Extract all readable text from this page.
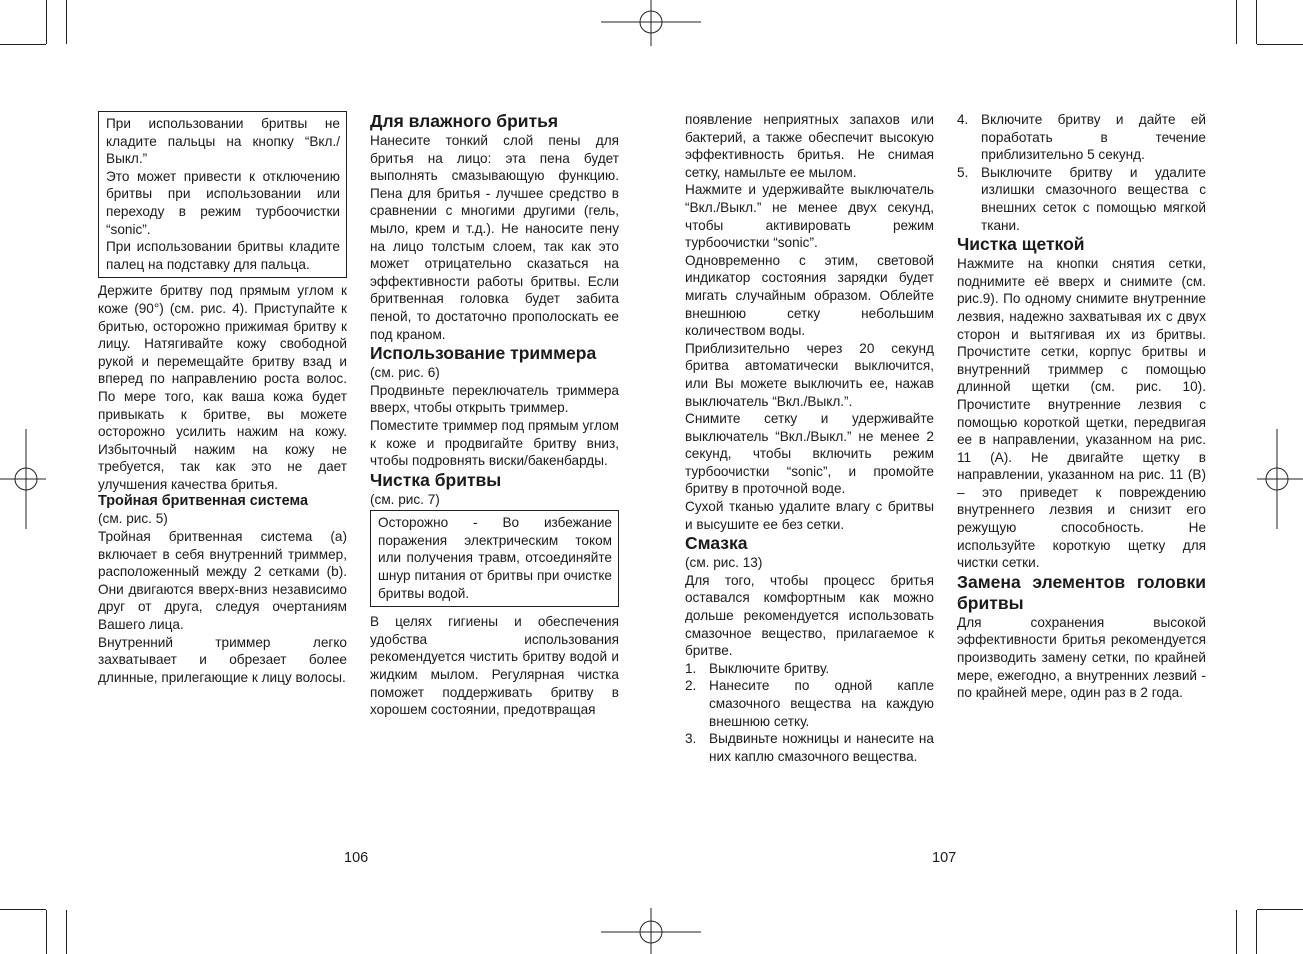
При использовании бритвы не кладите пальцы на кнопку “Вкл./Выкл.”

Это может привести к отключению бритвы при использовании или переходу в режим турбоочистки “sonic”.

При использовании бритвы кладите палец на подставку для пальца.

Держите бритву под прямым углом к коже (90°) (см. рис. 4). Приступайте к бритью, осторожно прижимая бритву к лицу. Натягивайте кожу свободной рукой и перемещайте бритву взад и вперед по направлению роста волос. По мере того, как ваша кожа будет привыкать к бритве, вы можете осторожно усилить нажим на кожу. Избыточный нажим на кожу не требуется, так как это не дает улучшения качества бритья.

Тройная бритвенная система

(см. рис. 5)

Тройная бритвенная система (a) включает в себя внутренний триммер, расположенный между 2 сетками (b). Они двигаются вверх-вниз независимо друг от друга, следуя очертаниям Вашего лица.

Внутренний триммер легко захватывает и обрезает более длинные, прилегающие к лицу волосы.

Для влажного бритья

Нанесите тонкий слой пены для бритья на лицо: эта пена будет выполнять смазывающую функцию. Пена для бритья - лучшее средство в сравнении с многими другими (гель, мыло, крем и т.д.). Не наносите пену на лицо толстым слоем, так как это может отрицательно сказаться на эффективности работы бритвы. Если бритвенная головка будет забита пеной, то достаточно прополоскать ее под краном.

Использование триммера

(см. рис. 6)

Продвиньте переключатель триммера вверх, чтобы открыть триммер.

Поместите триммер под прямым углом к коже и продвигайте бритву вниз, чтобы подровнять виски/бакенбарды.

Чистка бритвы

(см. рис. 7)

Осторожно - Во избежание поражения электрическим током или получения травм, отсоединяйте шнур питания от бритвы при очистке бритвы водой.

В целях гигиены и обеспечения удобства использования рекомендуется чистить бритву водой и жидким мылом. Регулярная чистка поможет поддерживать бритву в хорошем состоянии, предотвращая

появление неприятных запахов или бактерий, а также обеспечит высокую эффективность бритья. Не снимая сетку, намыльте ее мылом.

Нажмите и удерживайте выключатель “Вкл./Выкл.” не менее двух секунд, чтобы активировать режим турбоочистки “sonic”.

Одновременно с этим, световой индикатор состояния зарядки будет мигать случайным образом. Облейте внешнюю сетку небольшим количеством воды.

Приблизительно через 20 секунд бритва автоматически выключится, или Вы можете выключить ее, нажав выключатель “Вкл./Выкл.”.

Снимите сетку и удерживайте выключатель “Вкл./Выкл.” не менее 2 секунд, чтобы включить режим турбоочистки “sonic”, и промойте бритву в проточной воде.

Сухой тканью удалите влагу с бритвы и высушите ее без сетки.

Смазка

(см. рис. 13)

Для того, чтобы процесс бритья оставался комфортным как можно дольше рекомендуется использовать смазочное вещество, прилагаемое к бритве.

1. Выключите бритву.
2. Нанесите по одной капле смазочного вещества на каждую внешнюю сетку.
3. Выдвиньте ножницы и нанесите на них каплю смазочного вещества.
4. Включите бритву и дайте ей поработать в течение приблизительно 5 секунд.
5. Выключите бритву и удалите излишки смазочного вещества с внешних сеток с помощью мягкой ткани.
Чистка щеткой

Нажмите на кнопки снятия сетки, поднимите её вверх и снимите (см. рис.9). По одному снимите внутренние лезвия, надежно захватывая их с двух сторон и вытягивая их из бритвы. Прочистите сетки, корпус бритвы и внутренний триммер с помощью длинной щетки (см. рис. 10). Прочистите внутренние лезвия с помощью короткой щетки, передвигая ее в направлении, указанном на рис. 11 (A). Не двигайте щетку в направлении, указанном на рис. 11 (B) – это приведет к повреждению внутреннего лезвия и снизит его режущую способность. Не используйте короткую щетку для чистки сетки.

Замена элементов головки бритвы

Для сохранения высокой эффективности бритья рекомендуется производить замену сетки, по крайней мере, ежегодно, а внутренних лезвий - по крайней мере, один раз в 2 года.

106	107
